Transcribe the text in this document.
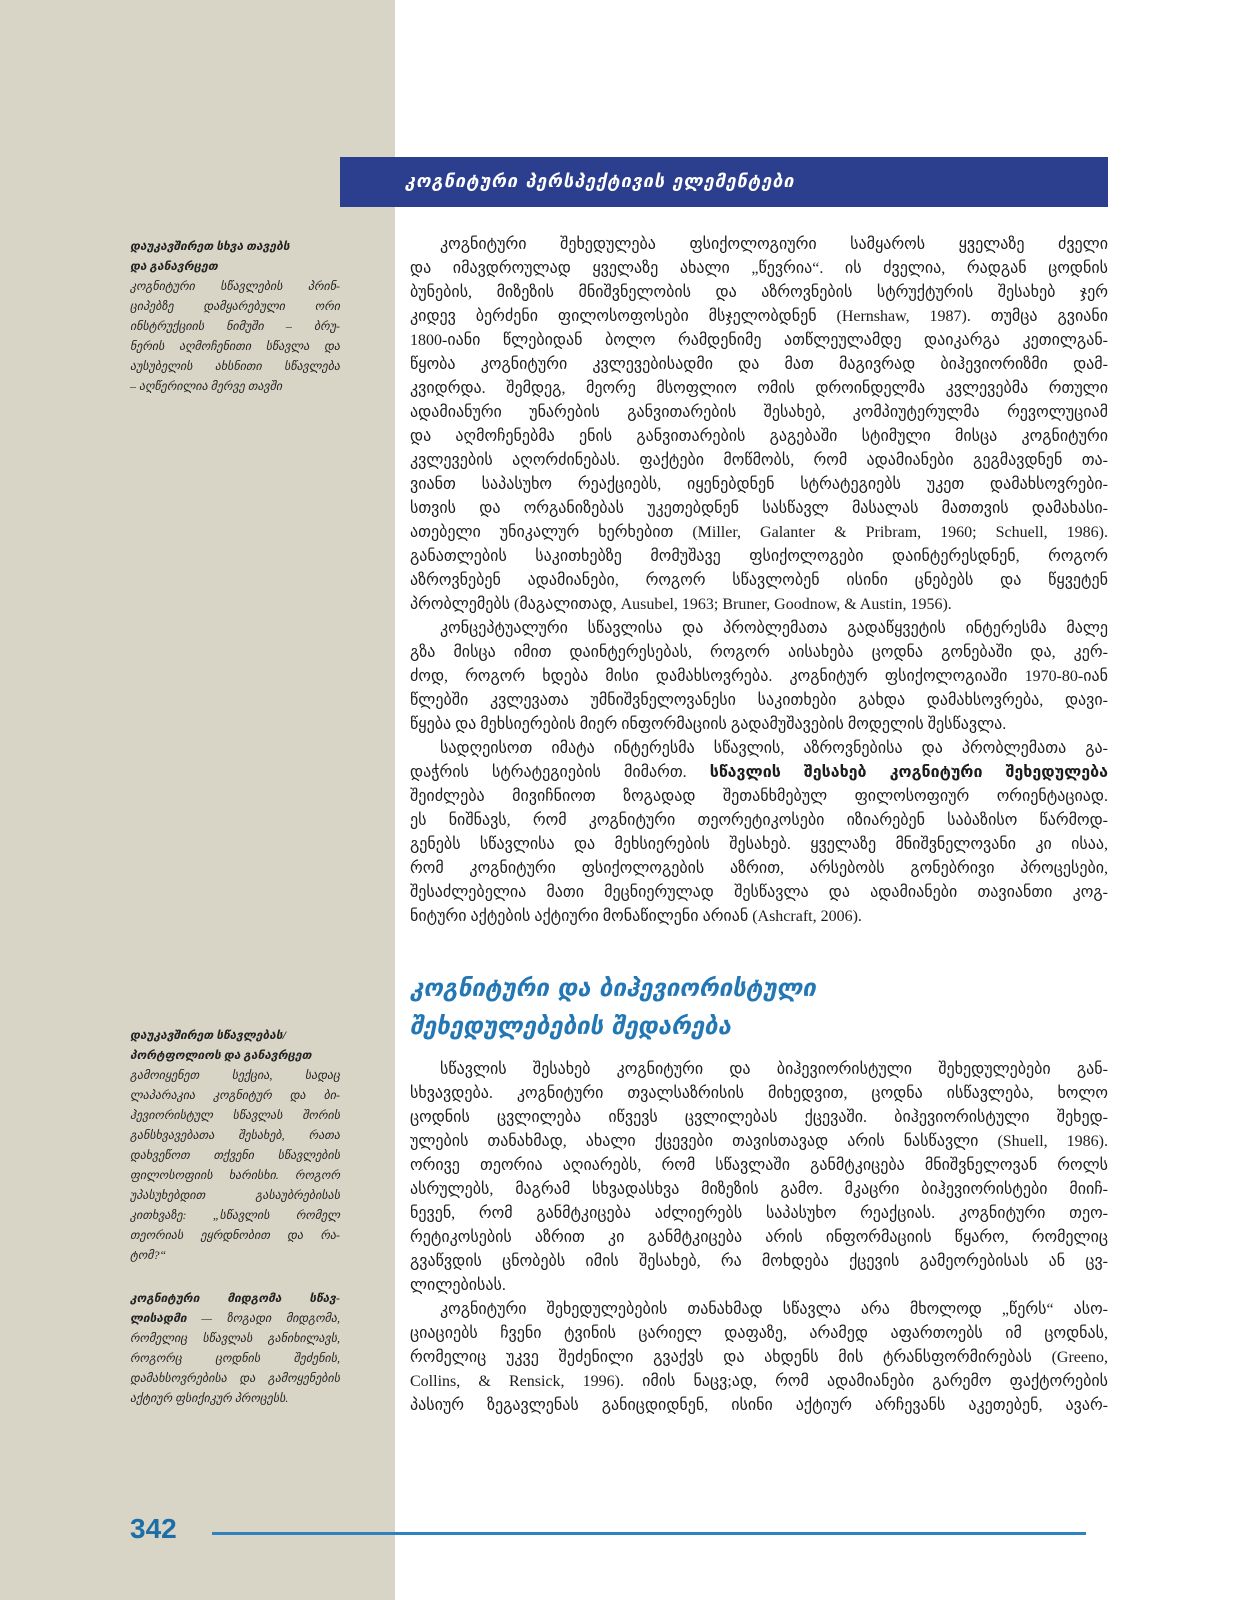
კოგნიტური პერსპექტივის ელემენტები
დაუკავშირეთ სხვა თავებს
და განავრცეთ
კოგნიტური სწავლების პრინ-
ციპებზე დამყარებული ორი
ინსტრუქციის ნიმუში – ბრუ-
ნერის აღმოჩენითი სწავლა და
აუსუბელის ახსნითი სწავლება
– აღწერილია მერვე თავში
კოგნიტური შეხედულება ფსიქოლოგიური სამყაროს ყველაზე ძველი
და იმავდროულად ყველაზე ახალი „წევრია“. ის ძველია, რადგან ცოდნის
ბუნების, მიზეზის მნიშვნელობის და აზროვნების სტრუქტურის შესახებ ჯერ
კიდევ ბერძენი ფილოსოფოსები მსჯელობდნენ (Hernshaw, 1987). თუმცა გვიანი
1800-იანი წლებიდან ბოლო რამდენიმე ათწლეულამდე დაიკარგა კეთილგან-
წყობა კოგნიტური კვლევებისადმი და მათ მაგივრად ბიჰევიორიზმი დამ-
კვიდრდა. შემდეგ, მეორე მსოფლიო ომის დროინდელმა კვლევებმა რთული
ადამიანური უნარების განვითარების შესახებ, კომპიუტერულმა რევოლუციამ
და აღმოჩენებმა ენის განვითარების გაგებაში სტიმული მისცა კოგნიტური
კვლევების აღორძინებას. ფაქტები მოწმობს, რომ ადამიანები გეგმავდნენ თა-
ვიანთ საპასუხო რეაქციებს, იყენებდნენ სტრატეგიებს უკეთ დამახსოვრები-
სთვის და ორგანიზებას უკეთებდნენ სასწავლ მასალას მათთვის დამახასი-
ათებელი უნიკალურ ხერხებით (Miller, Galanter & Pribram, 1960; Schuell, 1986).
განათლების საკითხებზე მომუშავე ფსიქოლოგები დაინტერესდნენ, როგორ
აზროვნებენ ადამიანები, როგორ სწავლობენ ისინი ცნებებს და წყვეტენ
პრობლემებს (მაგალითად, Ausubel, 1963; Bruner, Goodnow, & Austin, 1956).
კონცეპტუალური სწავლისა და პრობლემათა გადაწყვეტის ინტერესმა მალე
გზა მისცა იმით დაინტერესებას, როგორ აისახება ცოდნა გონებაში და, კერ-
ძოდ, როგორ ხდება მისი დამახსოვრება. კოგნიტურ ფსიქოლოგიაში 1970-80-იან
წლებში კვლევათა უმნიშვნელოვანესი საკითხები გახდა დამახსოვრება, დავი-
წყება და მეხსიერების მიერ ინფორმაციის გადამუშავების მოდელის შესწავლა.
სადღეისოთ იმატა ინტერესმა სწავლის, აზროვნებისა და პრობლემათა გა-
დაჭრის სტრატეგიების მიმართ. სწავლის შესახებ კოგნიტური შეხედულება
შეიძლება მივიჩნიოთ ზოგადად შეთანხმებულ ფილოსოფიურ ორიენტაციად.
ეს ნიშნავს, რომ კოგნიტური თეორეტიკოსები იზიარებენ საბაზისო წარმოდ-
გენებს სწავლისა და მეხსიერების შესახებ. ყველაზე მნიშვნელოვანი კი ისაა,
რომ კოგნიტური ფსიქოლოგების აზრით, არსებობს გონებრივი პროცესები,
შესაძლებელია მათი მეცნიერულად შესწავლა და ადამიანები თავიანთი კოგ-
ნიტური აქტების აქტიური მონაწილენი არიან (Ashcraft, 2006).
კოგნიტური და ბიჰევიორისტული
შეხედულებების შედარება
დაუკავშირეთ სწავლებას/
პორტფოლიოს და განავრცეთ
გამოიყენეთ სექცია, სადაც
ლაპარაკია კოგნიტურ და ბი-
ჰევიორისტულ სწავლას შორის
განსხვავებათა შესახებ, რათა
დახვეწოთ თქვენი სწავლების
ფილოსოფიის ხარისხი. როგორ
უპასუხებდით გასაუბრებისას
კითხვაზე: „სწავლის რომელ
თეორიას ეყრდნობით და რა-
ტომ?“
სწავლის შესახებ კოგნიტური და ბიჰევიორისტული შეხედულებები გან-
სხვავდება. კოგნიტური თვალსაზრისის მიხედვით, ცოდნა ისწავლება, ხოლო
ცოდნის ცვლილება იწვევს ცვლილებას ქცევაში. ბიჰევიორისტული შეხედ-
ულების თანახმად, ახალი ქცევები თავისთავად არის ნასწავლი (Shuell, 1986).
ორივე თეორია აღიარებს, რომ სწავლაში განმტკიცება მნიშვნელოვან როლს
ასრულებს, მაგრამ სხვადასხვა მიზეზის გამო. მკაცრი ბიჰევიორისტები მიიჩ-
ნევენ, რომ განმტკიცება აძლიერებს საპასუხო რეაქციას. კოგნიტური თეო-
რეტიკოსების აზრით კი განმტკიცება არის ინფორმაციის წყარო, რომელიც
გვაწვდის ცნობებს იმის შესახებ, რა მოხდება ქცევის გამეორებისას ან ცვ-
ლილებისას.
კოგნიტური შეხედულებების თანახმად სწავლა არა მხოლოდ „წერს“ ასო-
ციაციებს ჩვენი ტვინის ცარიელ დაფაზე, არამედ აფართოებს იმ ცოდნას,
რომელიც უკვე შეძენილი გვაქვს და ახდენს მის ტრანსფორმირებას (Greeno,
Collins, & Rensick, 1996). იმის ნაცვ;ად, რომ ადამიანები გარემო ფაქტორების
პასიურ ზეგავლენას განიცდიდნენ, ისინი აქტიურ არჩევანს აკეთებენ, ავარ-
კოგნიტური მიდგომა სწავ-
ლისადმი — ზოგადი მიდგომა,
რომელიც სწავლას განიხილავს,
როგორც ცოდნის შეძენის,
დამახსოვრებისა და გამოყენების
აქტიურ ფსიქიკურ პროცესს.
342
